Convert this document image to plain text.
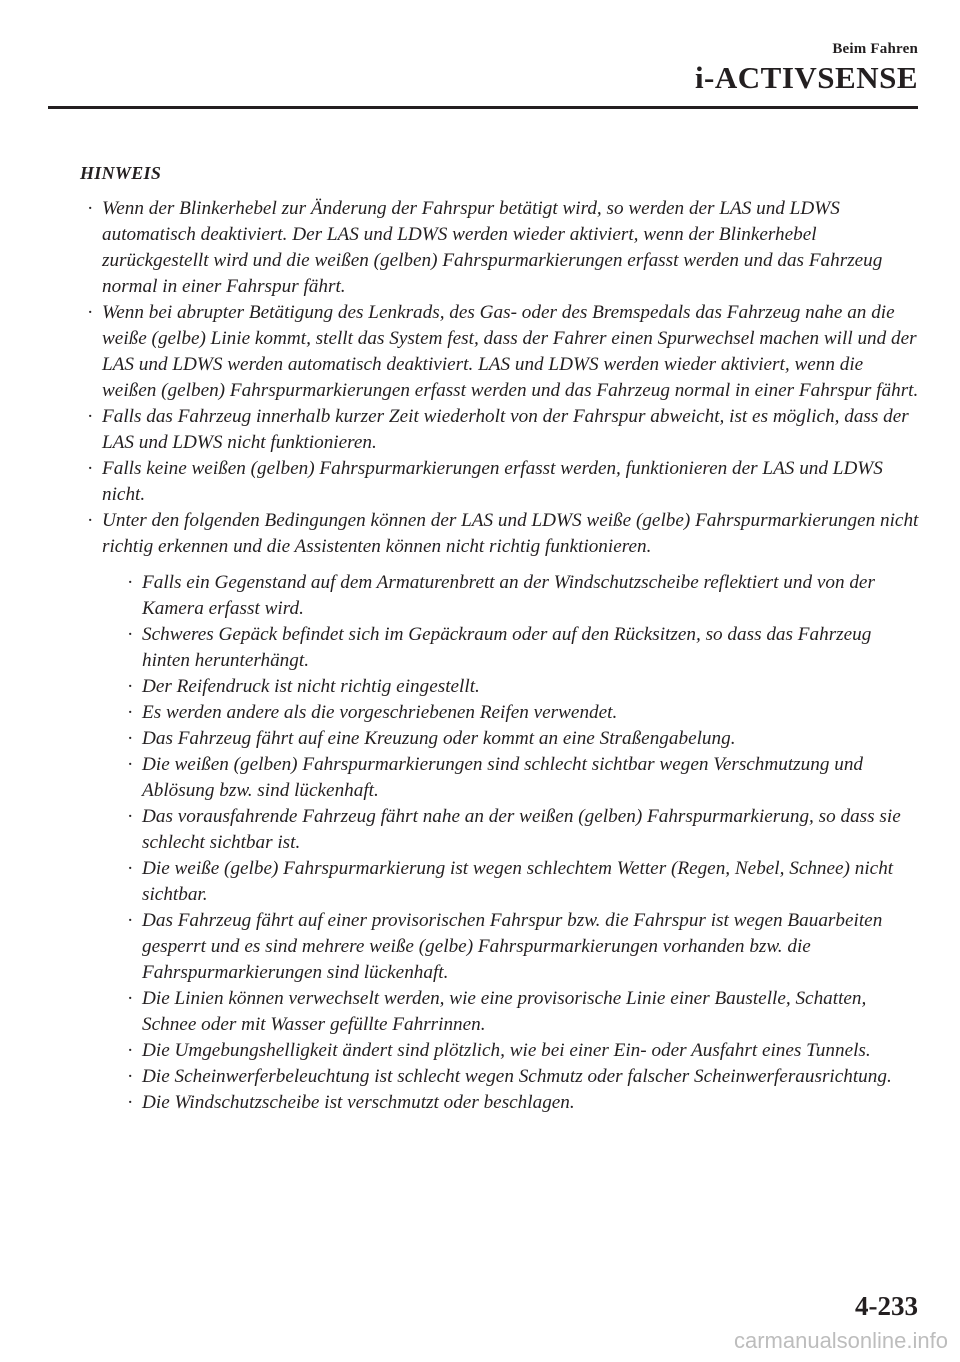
Beim Fahren
i-ACTIVSENSE
HINWEIS
· Wenn der Blinkerhebel zur Änderung der Fahrspur betätigt wird, so werden der LAS und LDWS automatisch deaktiviert. Der LAS und LDWS werden wieder aktiviert, wenn der Blinkerhebel zurückgestellt wird und die weißen (gelben) Fahrspurmarkierungen erfasst werden und das Fahrzeug normal in einer Fahrspur fährt.
· Wenn bei abrupter Betätigung des Lenkrads, des Gas- oder des Bremspedals das Fahrzeug nahe an die weiße (gelbe) Linie kommt, stellt das System fest, dass der Fahrer einen Spurwechsel machen will und der LAS und LDWS werden automatisch deaktiviert. LAS und LDWS werden wieder aktiviert, wenn die weißen (gelben) Fahrspurmarkierungen erfasst werden und das Fahrzeug normal in einer Fahrspur fährt.
· Falls das Fahrzeug innerhalb kurzer Zeit wiederholt von der Fahrspur abweicht, ist es möglich, dass der LAS und LDWS nicht funktionieren.
· Falls keine weißen (gelben) Fahrspurmarkierungen erfasst werden, funktionieren der LAS und LDWS nicht.
· Unter den folgenden Bedingungen können der LAS und LDWS weiße (gelbe) Fahrspurmarkierungen nicht richtig erkennen und die Assistenten können nicht richtig funktionieren.
· Falls ein Gegenstand auf dem Armaturenbrett an der Windschutzscheibe reflektiert und von der Kamera erfasst wird.
· Schweres Gepäck befindet sich im Gepäckraum oder auf den Rücksitzen, so dass das Fahrzeug hinten herunterhängt.
· Der Reifendruck ist nicht richtig eingestellt.
· Es werden andere als die vorgeschriebenen Reifen verwendet.
· Das Fahrzeug fährt auf eine Kreuzung oder kommt an eine Straßengabelung.
· Die weißen (gelben) Fahrspurmarkierungen sind schlecht sichtbar wegen Verschmutzung und Ablösung bzw. sind lückenhaft.
· Das vorausfahrende Fahrzeug fährt nahe an der weißen (gelben) Fahrspurmarkierung, so dass sie schlecht sichtbar ist.
· Die weiße (gelbe) Fahrspurmarkierung ist wegen schlechtem Wetter (Regen, Nebel, Schnee) nicht sichtbar.
· Das Fahrzeug fährt auf einer provisorischen Fahrspur bzw. die Fahrspur ist wegen Bauarbeiten gesperrt und es sind mehrere weiße (gelbe) Fahrspurmarkierungen vorhanden bzw. die Fahrspurmarkierungen sind lückenhaft.
· Die Linien können verwechselt werden, wie eine provisorische Linie einer Baustelle, Schatten, Schnee oder mit Wasser gefüllte Fahrrinnen.
· Die Umgebungshelligkeit ändert sind plötzlich, wie bei einer Ein- oder Ausfahrt eines Tunnels.
· Die Scheinwerferbeleuchtung ist schlecht wegen Schmutz oder falscher Scheinwerferausrichtung.
· Die Windschutzscheibe ist verschmutzt oder beschlagen.
4-233
carmanualsonline.info
